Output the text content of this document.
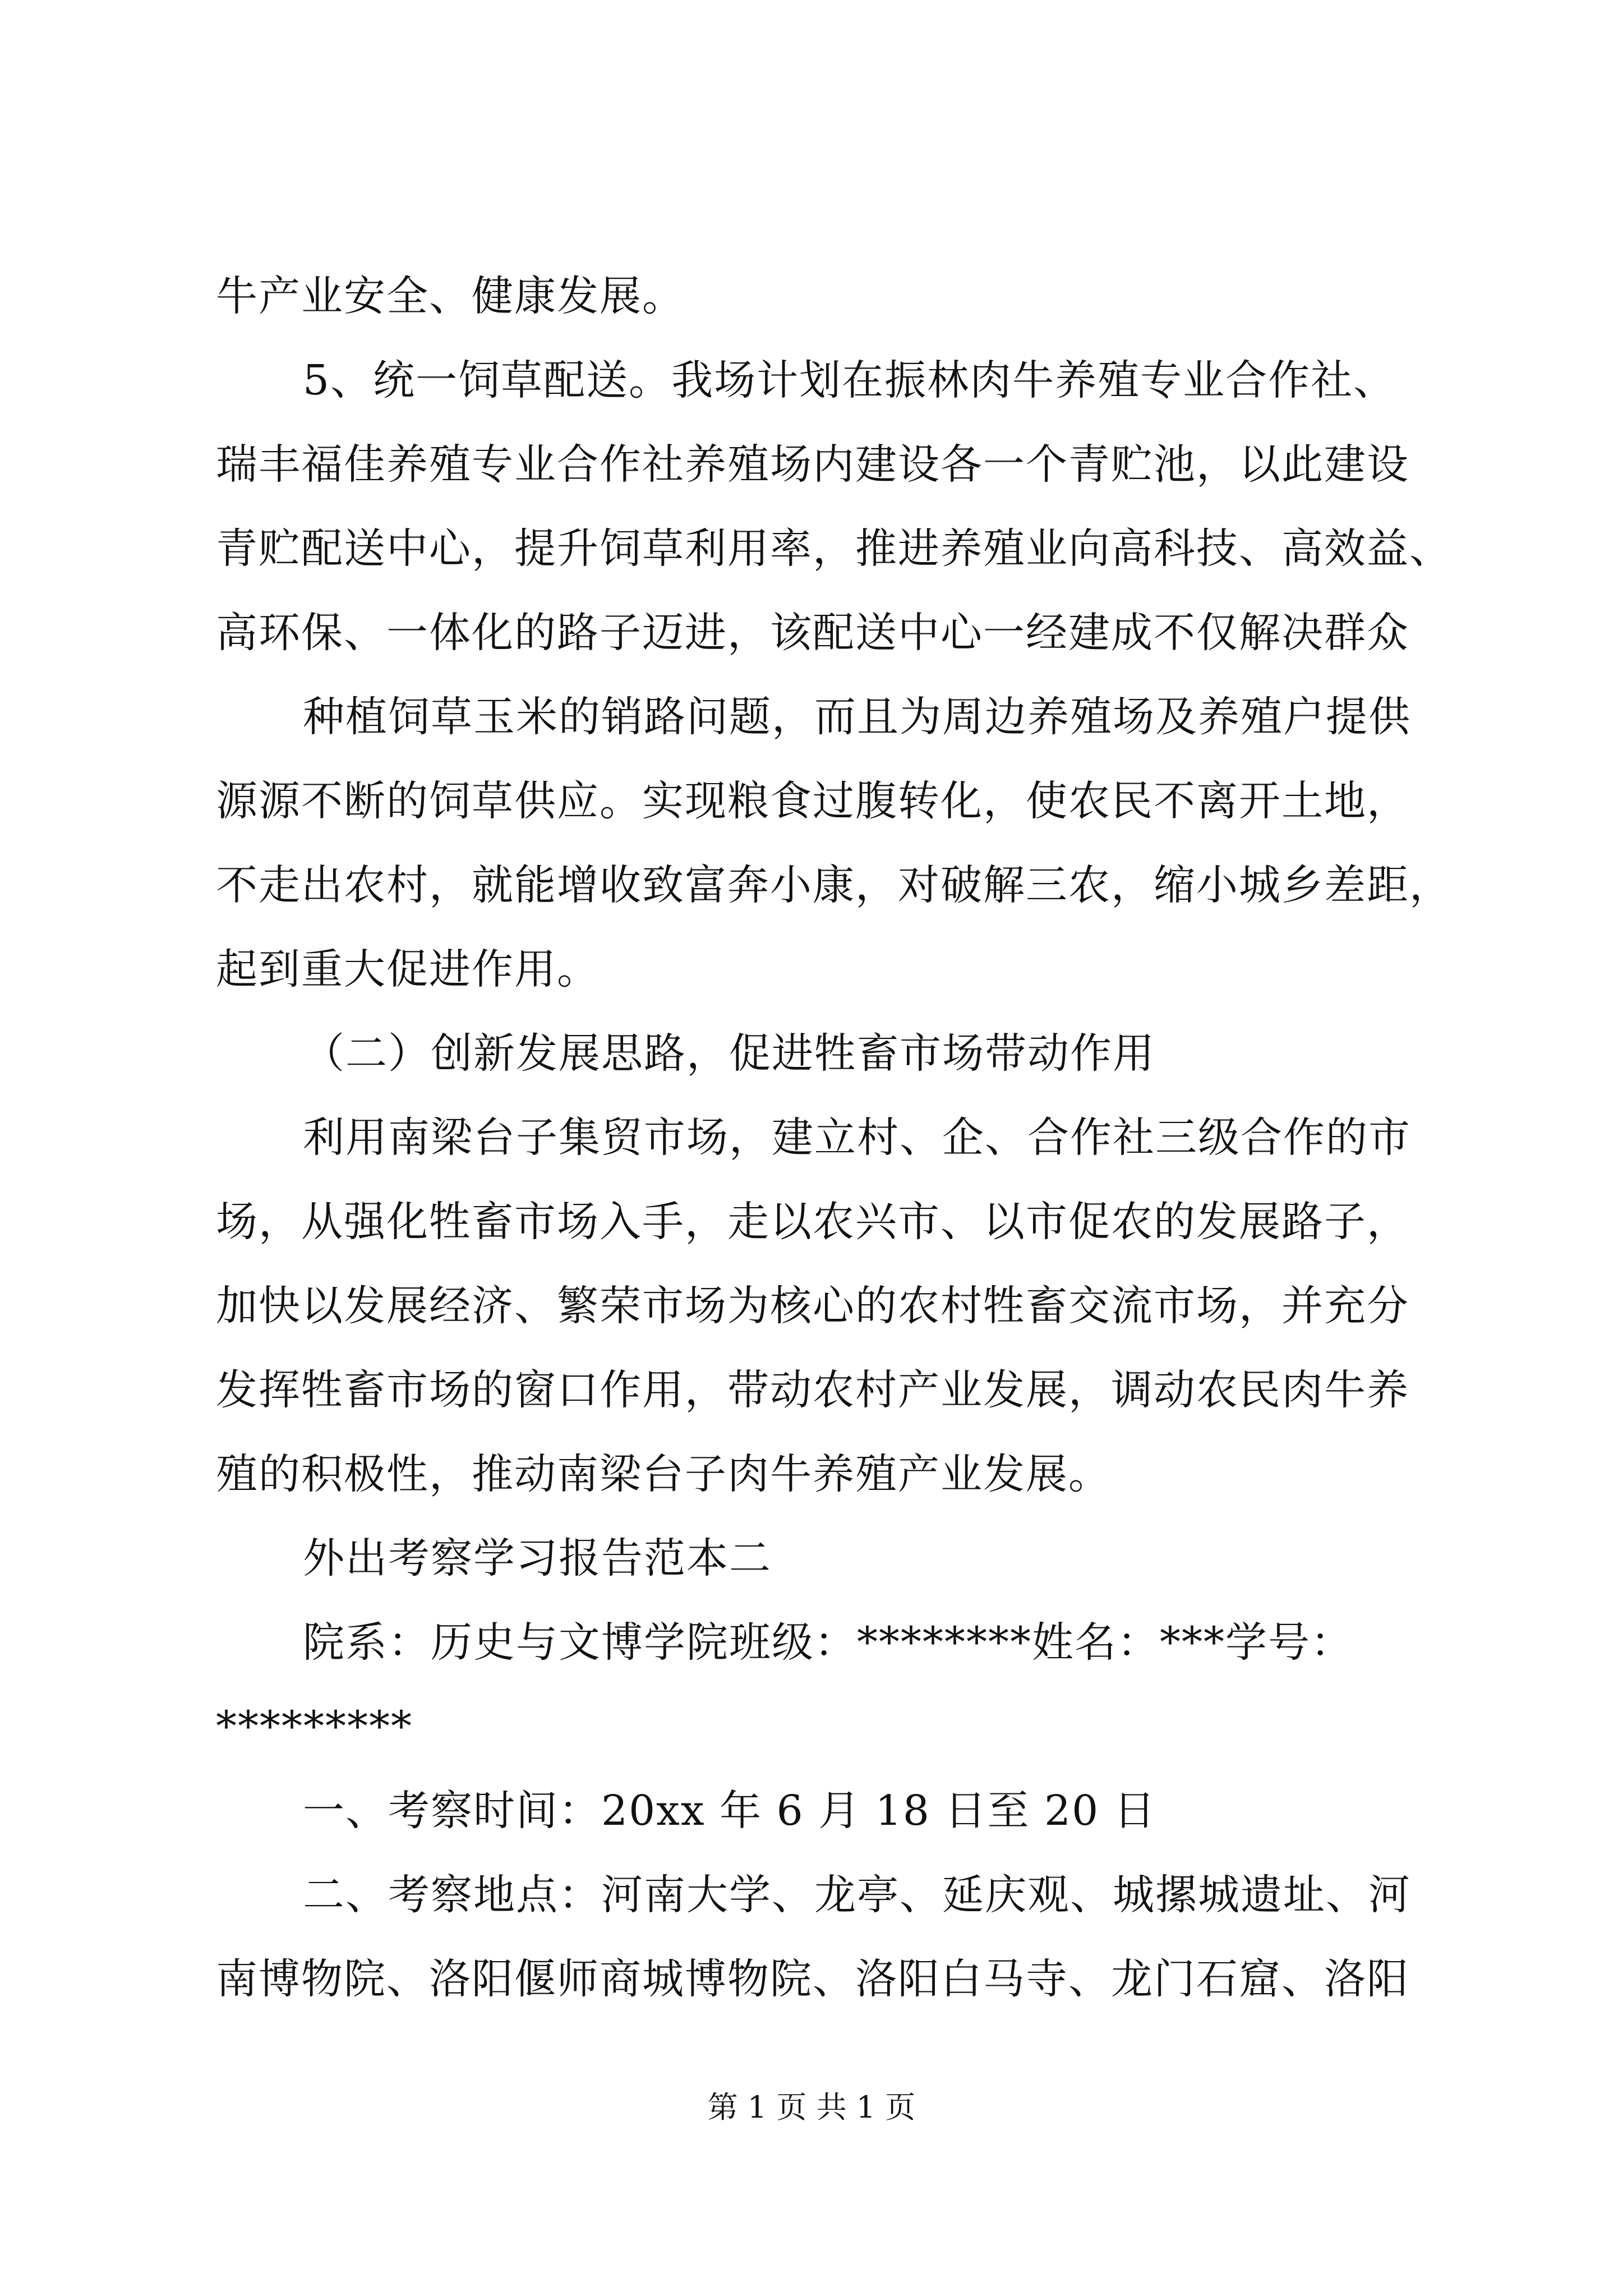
牛产业安全、健康发展。
5、统一饲草配送。我场计划在振林肉牛养殖专业合作社、
瑞丰福佳养殖专业合作社养殖场内建设各一个青贮池，以此建设
青贮配送中心，提升饲草利用率，推进养殖业向高科技、高效益、
高环保、一体化的路子迈进，该配送中心一经建成不仅解决群众
种植饲草玉米的销路问题，而且为周边养殖场及养殖户提供
源源不断的饲草供应。实现粮食过腹转化，使农民不离开土地，
不走出农村，就能增收致富奔小康，对破解三农，缩小城乡差距，
起到重大促进作用。
（二）创新发展思路，促进牲畜市场带动作用
利用南梁台子集贸市场，建立村、企、合作社三级合作的市
场，从强化牲畜市场入手，走以农兴市、以市促农的发展路子，
加快以发展经济、繁荣市场为核心的农村牲畜交流市场，并充分
发挥牲畜市场的窗口作用，带动农村产业发展，调动农民肉牛养
殖的积极性，推动南梁台子肉牛养殖产业发展。
外出考察学习报告范本二
院系：历史与文博学院班级：********姓名：***学号：
*********
一、考察时间：20xx 年 6 月 18 日至 20 日
二、考察地点：河南大学、龙亭、延庆观、城摞城遗址、河
南博物院、洛阳偃师商城博物院、洛阳白马寺、龙门石窟、洛阳
第 1 页 共 1 页
